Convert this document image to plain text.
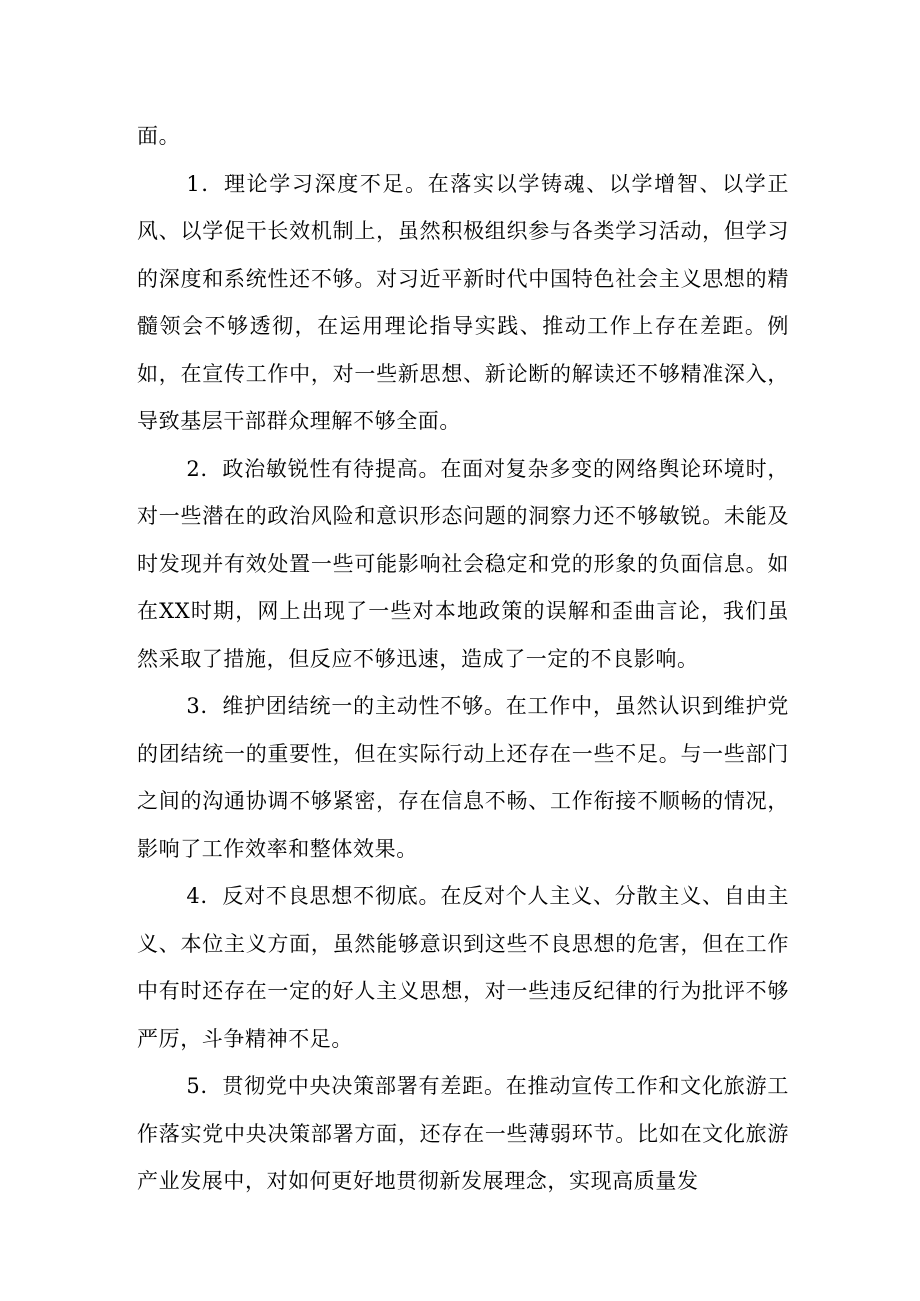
面。

1．理论学习深度不足。在落实以学铸魂、以学增智、以学正风、以学促干长效机制上，虽然积极组织参与各类学习活动，但学习的深度和系统性还不够。对习近平新时代中国特色社会主义思想的精髓领会不够透彻，在运用理论指导实践、推动工作上存在差距。例如，在宣传工作中，对一些新思想、新论断的解读还不够精准深入，导致基层干部群众理解不够全面。

2．政治敏锐性有待提高。在面对复杂多变的网络舆论环境时，对一些潜在的政治风险和意识形态问题的洞察力还不够敏锐。未能及时发现并有效处置一些可能影响社会稳定和党的形象的负面信息。如在XX时期，网上出现了一些对本地政策的误解和歪曲言论，我们虽然采取了措施，但反应不够迅速，造成了一定的不良影响。

3．维护团结统一的主动性不够。在工作中，虽然认识到维护党的团结统一的重要性，但在实际行动上还存在一些不足。与一些部门之间的沟通协调不够紧密，存在信息不畅、工作衔接不顺畅的情况，影响了工作效率和整体效果。

4．反对不良思想不彻底。在反对个人主义、分散主义、自由主义、本位主义方面，虽然能够意识到这些不良思想的危害，但在工作中有时还存在一定的好人主义思想，对一些违反纪律的行为批评不够严厉，斗争精神不足。

5．贯彻党中央决策部署有差距。在推动宣传工作和文化旅游工作落实党中央决策部署方面，还存在一些薄弱环节。比如在文化旅游产业发展中，对如何更好地贯彻新发展理念，实现高质量发
